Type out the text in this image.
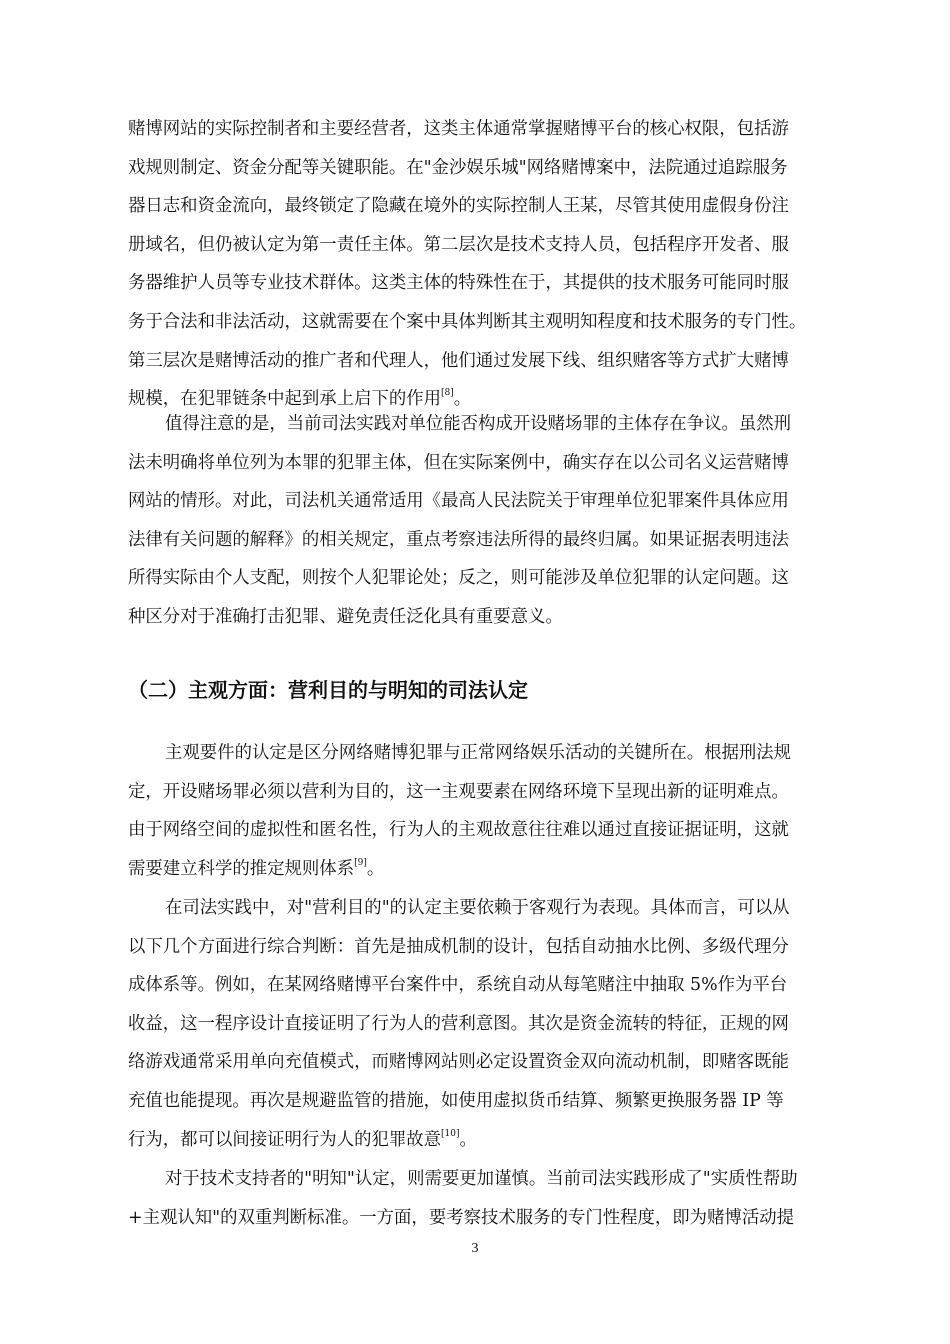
赌博网站的实际控制者和主要经营者，这类主体通常掌握赌博平台的核心权限，包括游
戏规则制定、资金分配等关键职能。在"金沙娱乐城"网络赌博案中，法院通过追踪服务
器日志和资金流向，最终锁定了隐藏在境外的实际控制人王某，尽管其使用虚假身份注
册域名，但仍被认定为第一责任主体。第二层次是技术支持人员，包括程序开发者、服
务器维护人员等专业技术群体。这类主体的特殊性在于，其提供的技术服务可能同时服
务于合法和非法活动，这就需要在个案中具体判断其主观明知程度和技术服务的专门性。
第三层次是赌博活动的推广者和代理人，他们通过发展下线、组织赌客等方式扩大赌博
规模，在犯罪链条中起到承上启下的作用[8]。
值得注意的是，当前司法实践对单位能否构成开设赌场罪的主体存在争议。虽然刑
法未明确将单位列为本罪的犯罪主体，但在实际案例中，确实存在以公司名义运营赌博
网站的情形。对此，司法机关通常适用《最高人民法院关于审理单位犯罪案件具体应用
法律有关问题的解释》的相关规定，重点考察违法所得的最终归属。如果证据表明违法
所得实际由个人支配，则按个人犯罪论处；反之，则可能涉及单位犯罪的认定问题。这
种区分对于准确打击犯罪、避免责任泛化具有重要意义。
（二）主观方面：营利目的与明知的司法认定
主观要件的认定是区分网络赌博犯罪与正常网络娱乐活动的关键所在。根据刑法规
定，开设赌场罪必须以营利为目的，这一主观要素在网络环境下呈现出新的证明难点。
由于网络空间的虚拟性和匿名性，行为人的主观故意往往难以通过直接证据证明，这就
需要建立科学的推定规则体系[9]。
在司法实践中，对"营利目的"的认定主要依赖于客观行为表现。具体而言，可以从
以下几个方面进行综合判断：首先是抽成机制的设计，包括自动抽水比例、多级代理分
成体系等。例如，在某网络赌博平台案件中，系统自动从每笔赌注中抽取 5%作为平台
收益，这一程序设计直接证明了行为人的营利意图。其次是资金流转的特征，正规的网
络游戏通常采用单向充值模式，而赌博网站则必定设置资金双向流动机制，即赌客既能
充值也能提现。再次是规避监管的措施，如使用虚拟货币结算、频繁更换服务器 IP 等
行为，都可以间接证明行为人的犯罪故意[10]。
对于技术支持者的"明知"认定，则需要更加谨慎。当前司法实践形成了"实质性帮助
+主观认知"的双重判断标准。一方面，要考察技术服务的专门性程度，即为赌博活动提
3
